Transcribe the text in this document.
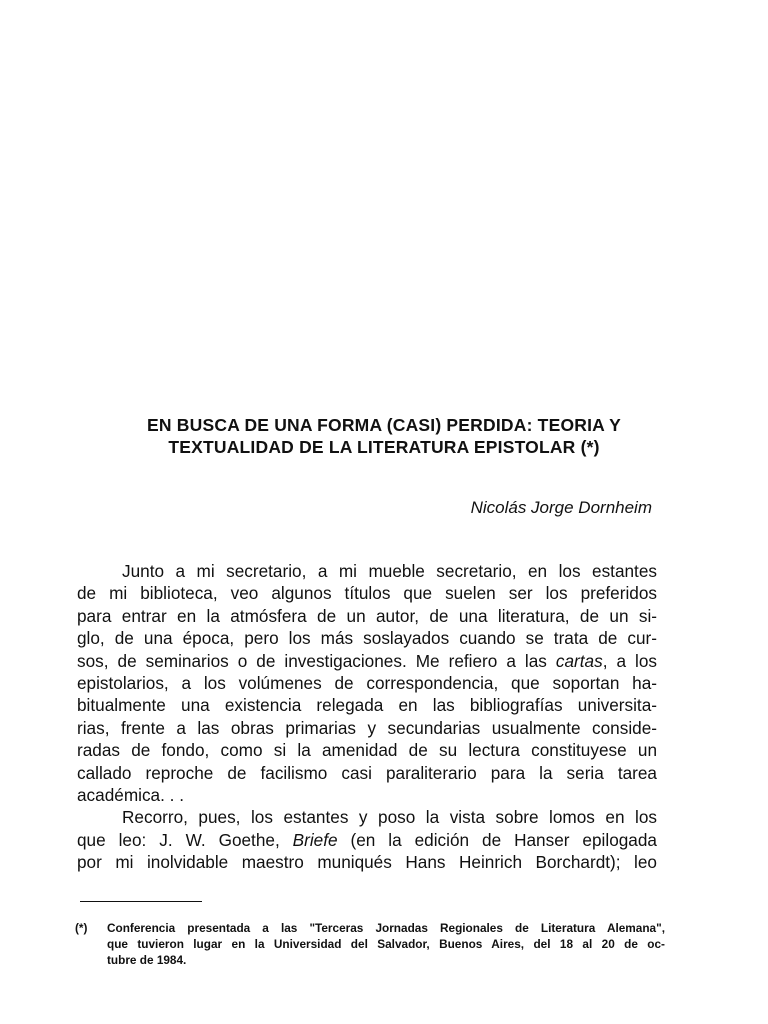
EN BUSCA DE UNA FORMA (CASI) PERDIDA: TEORIA Y
TEXTUALIDAD DE LA LITERATURA EPISTOLAR (*)
Nicolás Jorge Dornheim
Junto a mi secretario, a mi mueble secretario, en los estantes
de mi biblioteca, veo algunos títulos que suelen ser los preferidos
para entrar en la atmósfera de un autor, de una literatura, de un si-
glo, de una época, pero los más soslayados cuando se trata de cur-
sos, de seminarios o de investigaciones. Me refiero a las cartas, a los
epistolarios, a los volúmenes de correspondencia, que soportan ha-
bitualmente una existencia relegada en las bibliografías universita-
rias, frente a las obras primarias y secundarias usualmente conside-
radas de fondo, como si la amenidad de su lectura constituyese un
callado reproche de facilismo casi paraliterario para la seria tarea
académica. . .
Recorro, pues, los estantes y poso la vista sobre lomos en los
que leo: J. W. Goethe, Briefe (en la edición de Hanser epilogada
por mi inolvidable maestro muniqués Hans Heinrich Borchardt); leo
(*) Conferencia presentada a las "Terceras Jornadas Regionales de Literatura Alemana",
que tuvieron lugar en la Universidad del Salvador, Buenos Aires, del 18 al 20 de oc-
tubre de 1984.
